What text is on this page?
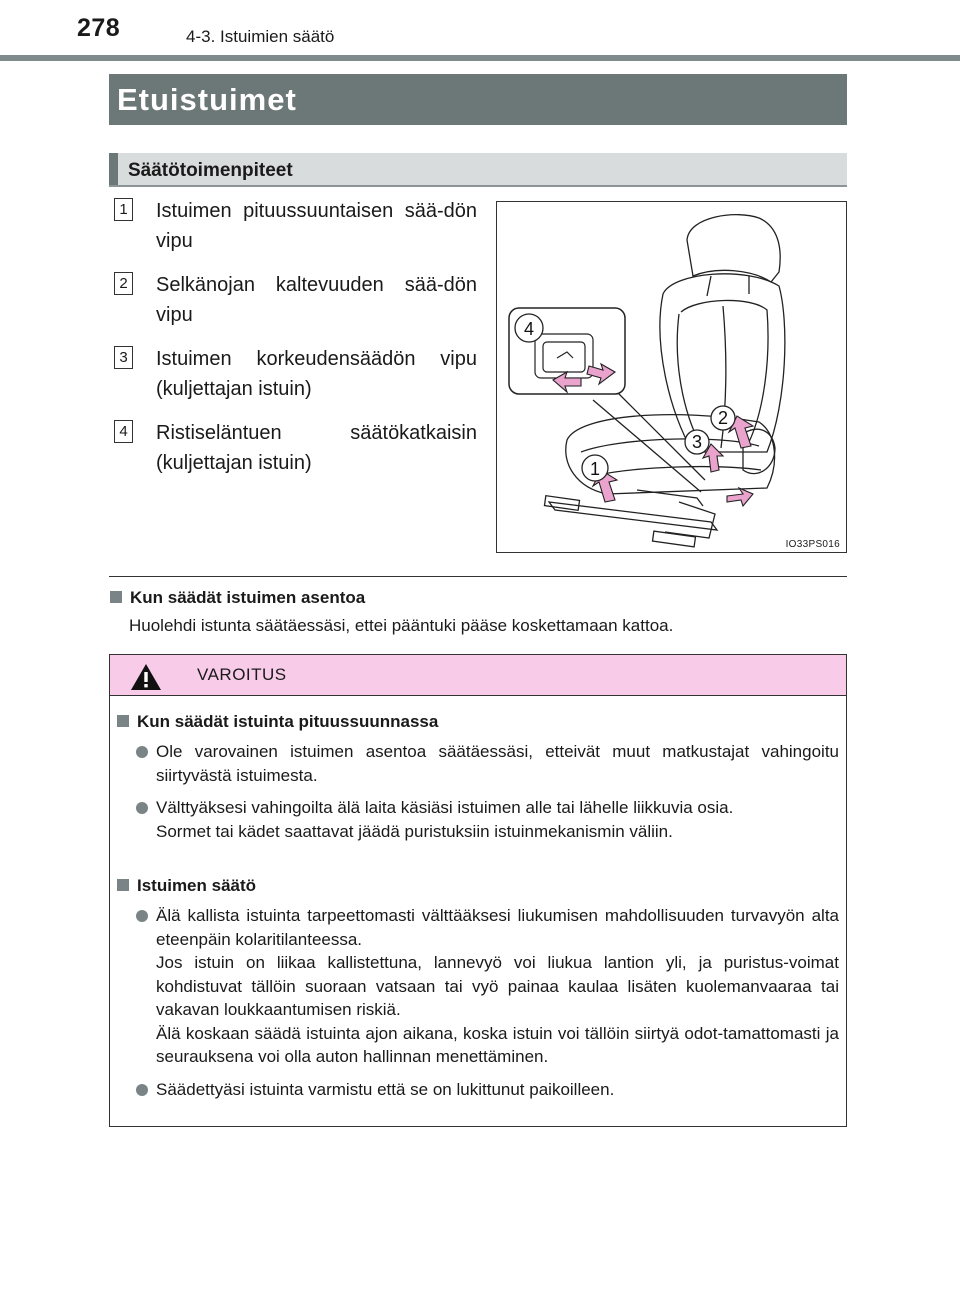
278	4-3. Istuimien säätö
Etuistuimet
Säätötoimenpiteet
1 Istuimen pituussuuntaisen sää-dön vipu
2 Selkänojan kaltevuuden sää-dön vipu
3 Istuimen korkeudensäädön vipu (kuljettajan istuin)
4 Ristiseläntuen säätökatkaisin (kuljettajan istuin)
4
2
3
1
IO33PS016
Kun säädät istuimen asentoa
Huolehdi istunta säätäessäsi, ettei pääntuki pääse koskettamaan kattoa.
VAROITUS
Kun säädät istuinta pituussuunnassa
Ole varovainen istuimen asentoa säätäessäsi, etteivät muut matkustajat vahingoitu siirtyvästä istuimesta.
Välttyäksesi vahingoilta älä laita käsiäsi istuimen alle tai lähelle liikkuvia osia.
Sormet tai kädet saattavat jäädä puristuksiin istuinmekanismin väliin.
Istuimen säätö
Älä kallista istuinta tarpeettomasti välttääksesi liukumisen mahdollisuuden turvavyön alta eteenpäin kolaritilanteessa.
Jos istuin on liikaa kallistettuna, lannevyö voi liukua lantion yli, ja puristus-voimat kohdistuvat tällöin suoraan vatsaan tai vyö painaa kaulaa lisäten kuolemanvaaraa tai vakavan loukkaantumisen riskiä.
Älä koskaan säädä istuinta ajon aikana, koska istuin voi tällöin siirtyä odot-tamattomasti ja seurauksena voi olla auton hallinnan menettäminen.
Säädettyäsi istuinta varmistu että se on lukittunut paikoilleen.
